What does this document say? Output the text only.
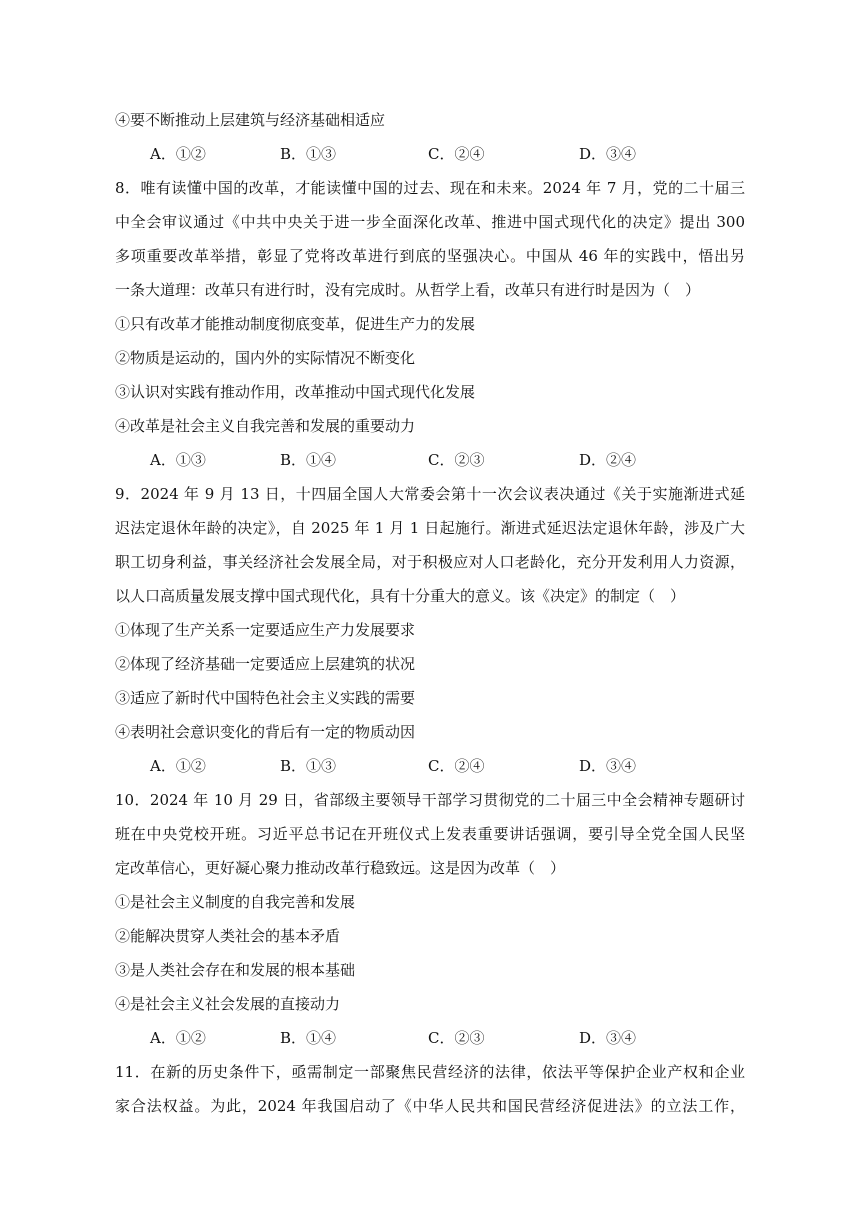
④要不断推动上层建筑与经济基础相适应
A．①②	B．①③	C．②④	D．③④
8．唯有读懂中国的改革，才能读懂中国的过去、现在和未来。2024 年 7 月，党的二十届三
中全会审议通过《中共中央关于进一步全面深化改革、推进中国式现代化的决定》提出 300
多项重要改革举措，彰显了党将改革进行到底的坚强决心。中国从 46 年的实践中，悟出另
一条大道理：改革只有进行时，没有完成时。从哲学上看，改革只有进行时是因为（　）
①只有改革才能推动制度彻底变革，促进生产力的发展
②物质是运动的，国内外的实际情况不断变化
③认识对实践有推动作用，改革推动中国式现代化发展
④改革是社会主义自我完善和发展的重要动力
A．①③	B．①④	C．②③	D．②④
9．2024 年 9 月 13 日，十四届全国人大常委会第十一次会议表决通过《关于实施渐进式延
迟法定退休年龄的决定》，自 2025 年 1 月 1 日起施行。渐进式延迟法定退休年龄，涉及广大
职工切身利益，事关经济社会发展全局，对于积极应对人口老龄化，充分开发利用人力资源，
以人口高质量发展支撑中国式现代化，具有十分重大的意义。该《决定》的制定（　）
①体现了生产关系一定要适应生产力发展要求
②体现了经济基础一定要适应上层建筑的状况
③适应了新时代中国特色社会主义实践的需要
④表明社会意识变化的背后有一定的物质动因
A．①②	B．①③	C．②④	D．③④
10．2024 年 10 月 29 日，省部级主要领导干部学习贯彻党的二十届三中全会精神专题研讨
班在中央党校开班。习近平总书记在开班仪式上发表重要讲话强调，要引导全党全国人民坚
定改革信心，更好凝心聚力推动改革行稳致远。这是因为改革（　）
①是社会主义制度的自我完善和发展
②能解决贯穿人类社会的基本矛盾
③是人类社会存在和发展的根本基础
④是社会主义社会发展的直接动力
A．①②	B．①④	C．②③	D．③④
11．在新的历史条件下，亟需制定一部聚焦民营经济的法律，依法平等保护企业产权和企业
家合法权益。为此，2024 年我国启动了《中华人民共和国民营经济促进法》的立法工作，
